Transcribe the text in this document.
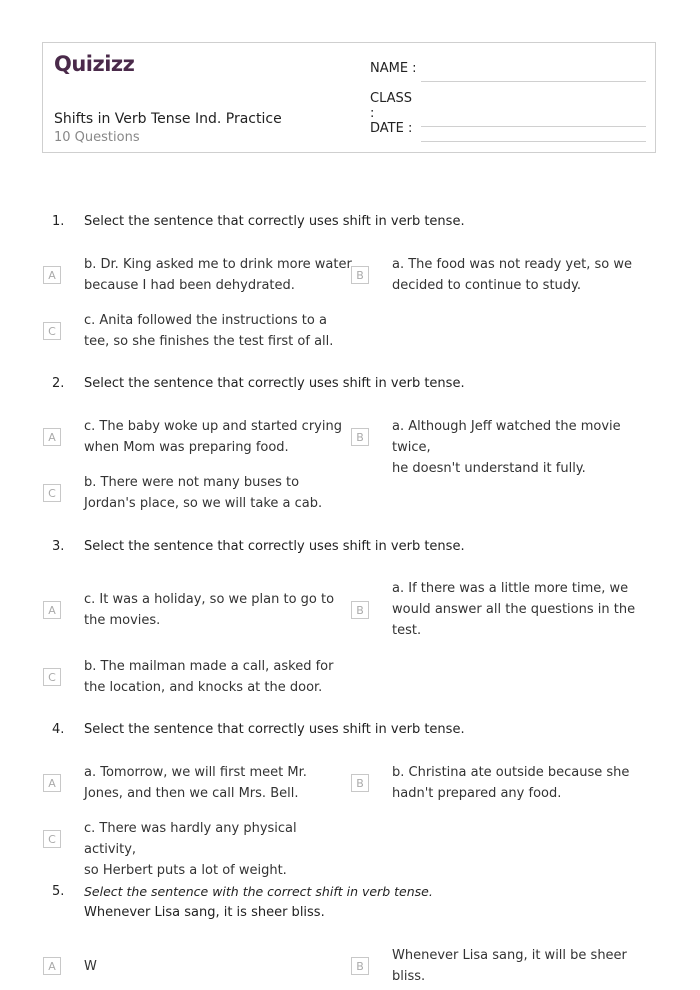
Quizizz
Shifts in Verb Tense Ind. Practice
10 Questions
NAME :
CLASS :
DATE :
1. Select the sentence that correctly uses shift in verb tense.
A
b. Dr. King asked me to drink more water
because I had been dehydrated.
B
a. The food was not ready yet, so we
decided to continue to study.
C
c. Anita followed the instructions to a
tee, so she finishes the test first of all.
2. Select the sentence that correctly uses shift in verb tense.
A
c. The baby woke up and started crying
when Mom was preparing food.
B
a. Although Jeff watched the movie twice,
he doesn't understand it fully.
C
b. There were not many buses to
Jordan's place, so we will take a cab.
3. Select the sentence that correctly uses shift in verb tense.
A
c. It was a holiday, so we plan to go to
the movies.
B
a. If there was a little more time, we
would answer all the questions in the
test.
C
b. The mailman made a call, asked for
the location, and knocks at the door.
4. Select the sentence that correctly uses shift in verb tense.
A
a. Tomorrow, we will first meet Mr.
Jones, and then we call Mrs. Bell.
B
b. Christina ate outside because she
hadn't prepared any food.
C
c. There was hardly any physical activity,
so Herbert puts a lot of weight.
5. Select the sentence with the correct shift in verb tense.
Whenever Lisa sang, it is sheer bliss.
A	W	B
Whenever Lisa sang, it will be sheer
bliss.
